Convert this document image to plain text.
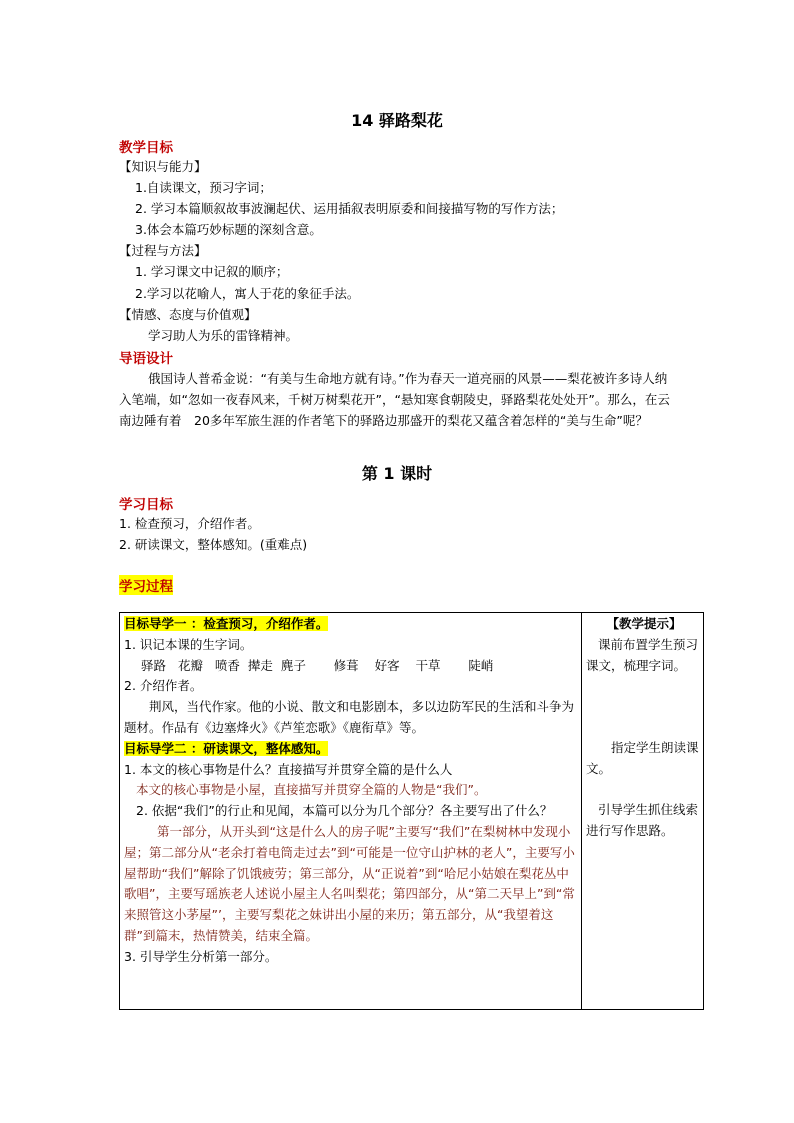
14 驿路梨花
教学目标
【知识与能力】
1.自读课文，预习字词；
2. 学习本篇顺叙故事波澜起伏、运用插叙表明原委和间接描写物的写作方法；
3.体会本篇巧妙标题的深刻含意。
【过程与方法】
1. 学习课文中记叙的顺序；
2.学习以花喻人，寓人于花的象征手法。
【情感、态度与价值观】
学习助人为乐的雷锋精神。
导语设计
俄国诗人普希金说：“有美与生命地方就有诗。”作为春天一道亮丽的风景——梨花被许多诗人纳入笔端，如“忽如一夜春风来，千树万树梨花开”，“悬知寒食朝陵史，驿路梨花处处开”。那么，在云南边陲有着　20多年军旅生涯的作者笔下的驿路边那盛开的梨花又蕴含着怎样的“美与生命”呢？
第 1 课时
学习目标
1. 检查预习，介绍作者。
2. 研读课文，整体感知。(重难点)
学习过程
目标导学一 ：检查预习，介绍作者。
1. 识记本课的生字词。
驿路 花瓣 喷香 撵走 麂子 修葺 好客 干草 陡峭
2. 介绍作者。
荆风，当代作家。他的小说、散文和电影剧本，多以边防军民的生活和斗争为题材。作品有《边塞烽火》《芦笙恋歌》《鹿衔草》等。
目标导学二 ：研读课文，整体感知。
1. 本文的核心事物是什么？直接描写并贯穿全篇的是什么人
本文的核心事物是小屋，直接描写并贯穿全篇的人物是“我们”。
2. 依据“我们”的行止和见闻，本篇可以分为几个部分？各主要写出了什么？
第一部分，从开头到“这是什么人的房子呢”主要写“我们”在梨树林中发现小屋；第二部分从“老余打着电筒走过去”到“可能是一位守山护林的老人”，主要写小屋帮助“我们”解除了饥饿疲劳；第三部分，从“正说着”到“哈尼小姑娘在梨花丛中歌唱”，主要写瑶族老人述说小屋主人名叫梨花；第四部分，从“第二天早上”到“常来照管这小茅屋”’，主要写梨花之妹讲出小屋的来历；第五部分，从“我望着这群”到篇末，热情赞美，结束全篇。
3. 引导学生分析第一部分。
【教学提示】
课前布置学生预习课文，梳理字词。
指定学生朗读课文。
引导学生抓住线索进行写作思路。
